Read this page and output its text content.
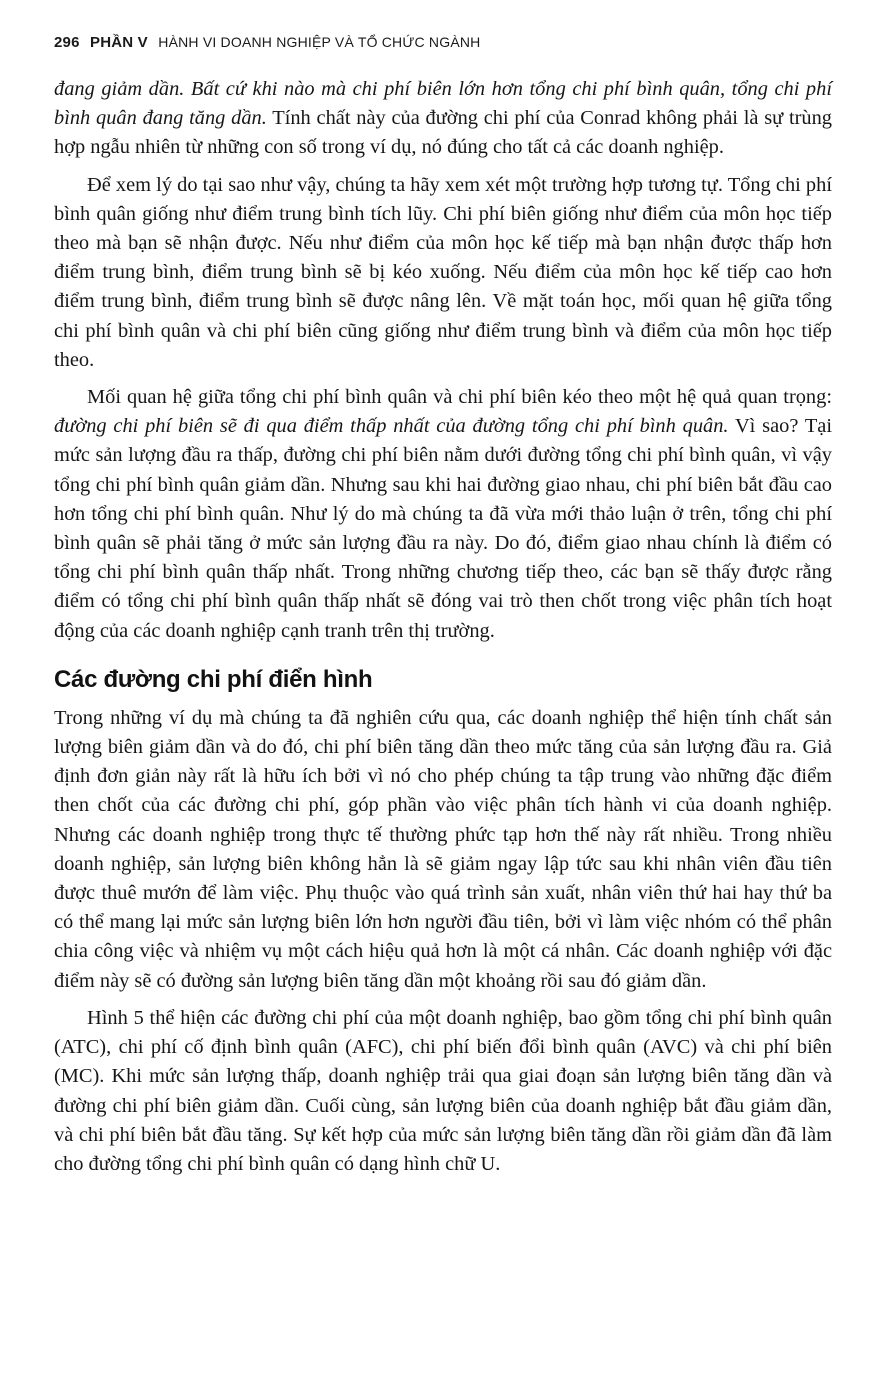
296 PHẦN V HÀNH VI DOANH NGHIỆP VÀ TỔ CHỨC NGÀNH

đang giảm dần. Bất cứ khi nào mà chi phí biên lớn hơn tổng chi phí bình quân, tổng chi phí bình quân đang tăng dần. Tính chất này của đường chi phí của Conrad không phải là sự trùng hợp ngẫu nhiên từ những con số trong ví dụ, nó đúng cho tất cả các doanh nghiệp.

Để xem lý do tại sao như vậy, chúng ta hãy xem xét một trường hợp tương tự. Tổng chi phí bình quân giống như điểm trung bình tích lũy. Chi phí biên giống như điểm của môn học tiếp theo mà bạn sẽ nhận được. Nếu như điểm của môn học kế tiếp mà bạn nhận được thấp hơn điểm trung bình, điểm trung bình sẽ bị kéo xuống. Nếu điểm của môn học kế tiếp cao hơn điểm trung bình, điểm trung bình sẽ được nâng lên. Về mặt toán học, mối quan hệ giữa tổng chi phí bình quân và chi phí biên cũng giống như điểm trung bình và điểm của môn học tiếp theo.

Mối quan hệ giữa tổng chi phí bình quân và chi phí biên kéo theo một hệ quả quan trọng: đường chi phí biên sẽ đi qua điểm thấp nhất của đường tổng chi phí bình quân. Vì sao? Tại mức sản lượng đầu ra thấp, đường chi phí biên nằm dưới đường tổng chi phí bình quân, vì vậy tổng chi phí bình quân giảm dần. Nhưng sau khi hai đường giao nhau, chi phí biên bắt đầu cao hơn tổng chi phí bình quân. Như lý do mà chúng ta đã vừa mới thảo luận ở trên, tổng chi phí bình quân sẽ phải tăng ở mức sản lượng đầu ra này. Do đó, điểm giao nhau chính là điểm có tổng chi phí bình quân thấp nhất. Trong những chương tiếp theo, các bạn sẽ thấy được rằng điểm có tổng chi phí bình quân thấp nhất sẽ đóng vai trò then chốt trong việc phân tích hoạt động của các doanh nghiệp cạnh tranh trên thị trường.

Các đường chi phí điển hình

Trong những ví dụ mà chúng ta đã nghiên cứu qua, các doanh nghiệp thể hiện tính chất sản lượng biên giảm dần và do đó, chi phí biên tăng dần theo mức tăng của sản lượng đầu ra. Giả định đơn giản này rất là hữu ích bởi vì nó cho phép chúng ta tập trung vào những đặc điểm then chốt của các đường chi phí, góp phần vào việc phân tích hành vi của doanh nghiệp. Nhưng các doanh nghiệp trong thực tế thường phức tạp hơn thế này rất nhiều. Trong nhiều doanh nghiệp, sản lượng biên không hẳn là sẽ giảm ngay lập tức sau khi nhân viên đầu tiên được thuê mướn để làm việc. Phụ thuộc vào quá trình sản xuất, nhân viên thứ hai hay thứ ba có thể mang lại mức sản lượng biên lớn hơn người đầu tiên, bởi vì làm việc nhóm có thể phân chia công việc và nhiệm vụ một cách hiệu quả hơn là một cá nhân. Các doanh nghiệp với đặc điểm này sẽ có đường sản lượng biên tăng dần một khoảng rồi sau đó giảm dần.

Hình 5 thể hiện các đường chi phí của một doanh nghiệp, bao gồm tổng chi phí bình quân (ATC), chi phí cố định bình quân (AFC), chi phí biến đổi bình quân (AVC) và chi phí biên (MC). Khi mức sản lượng thấp, doanh nghiệp trải qua giai đoạn sản lượng biên tăng dần và đường chi phí biên giảm dần. Cuối cùng, sản lượng biên của doanh nghiệp bắt đầu giảm dần, và chi phí biên bắt đầu tăng. Sự kết hợp của mức sản lượng biên tăng dần rồi giảm dần đã làm cho đường tổng chi phí bình quân có dạng hình chữ U.
